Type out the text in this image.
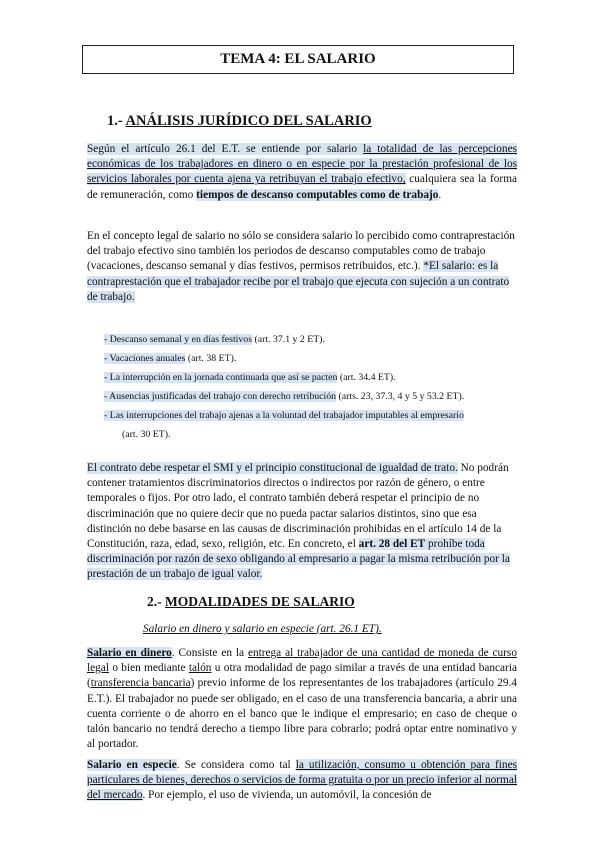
TEMA 4: EL SALARIO
1.- ANÁLISIS JURÍDICO DEL SALARIO
Según el artículo 26.1 del E.T. se entiende por salario la totalidad de las percepciones económicas de los trabajadores en dinero o en especie por la prestación profesional de los servicios laborales por cuenta ajena ya retribuyan el trabajo efectivo, cualquiera sea la forma de remuneración, como tiempos de descanso computables como de trabajo.
En el concepto legal de salario no sólo se considera salario lo percibido como contraprestación del trabajo efectivo sino también los periodos de descanso computables como de trabajo (vacaciones, descanso semanal y días festivos, permisos retribuidos, etc.). *El salario: es la contraprestación que el trabajador recibe por el trabajo que ejecuta con sujeción a un contrato de trabajo.
- Descanso semanal y en días festivos (art. 37.1 y 2 ET).
- Vacaciones anuales (art. 38 ET).
- La interrupción en la jornada continuada que así se pacten (art. 34.4 ET).
- Ausencias justificadas del trabajo con derecho retribución (arts. 23, 37.3, 4 y 5 y 53.2 ET).
- Las interrupciones del trabajo ajenas a la voluntad del trabajador imputables al empresario
(art. 30 ET).
El contrato debe respetar el SMI y el principio constitucional de igualdad de trato. No podrán contener tratamientos discriminatorios directos o indirectos por razón de género, o entre temporales o fijos. Por otro lado, el contrato también deberá respetar el principio de no discriminación que no quiere decir que no pueda pactar salarios distintos, sino que esa distinción no debe basarse en las causas de discriminación prohibidas en el artículo 14 de la Constitución, raza, edad, sexo, religión, etc. En concreto, el art. 28 del ET prohíbe toda discriminación por razón de sexo obligando al empresario a pagar la misma retribución por la prestación de un trabajo de igual valor.
2.- MODALIDADES DE SALARIO
Salario en dinero y salario en especie (art. 26.1 ET).
Salario en dinero. Consiste en la entrega al trabajador de una cantidad de moneda de curso legal o bien mediante talón u otra modalidad de pago similar a través de una entidad bancaria (transferencia bancaria) previo informe de los representantes de los trabajadores (artículo 29.4 E.T.). El trabajador no puede ser obligado, en el caso de una transferencia bancaria, a abrir una cuenta corriente o de ahorro en el banco que le indique el empresario; en caso de cheque o talón bancario no tendrá derecho a tiempo libre para cobrarlo; podrá optar entre nominativo y al portador.
Salario en especie. Se considera como tal la utilización, consumo u obtención para fines particulares de bienes, derechos o servicios de forma gratuita o por un precio inferior al normal del mercado. Por ejemplo, el uso de vivienda, un automóvil, la concesión de
